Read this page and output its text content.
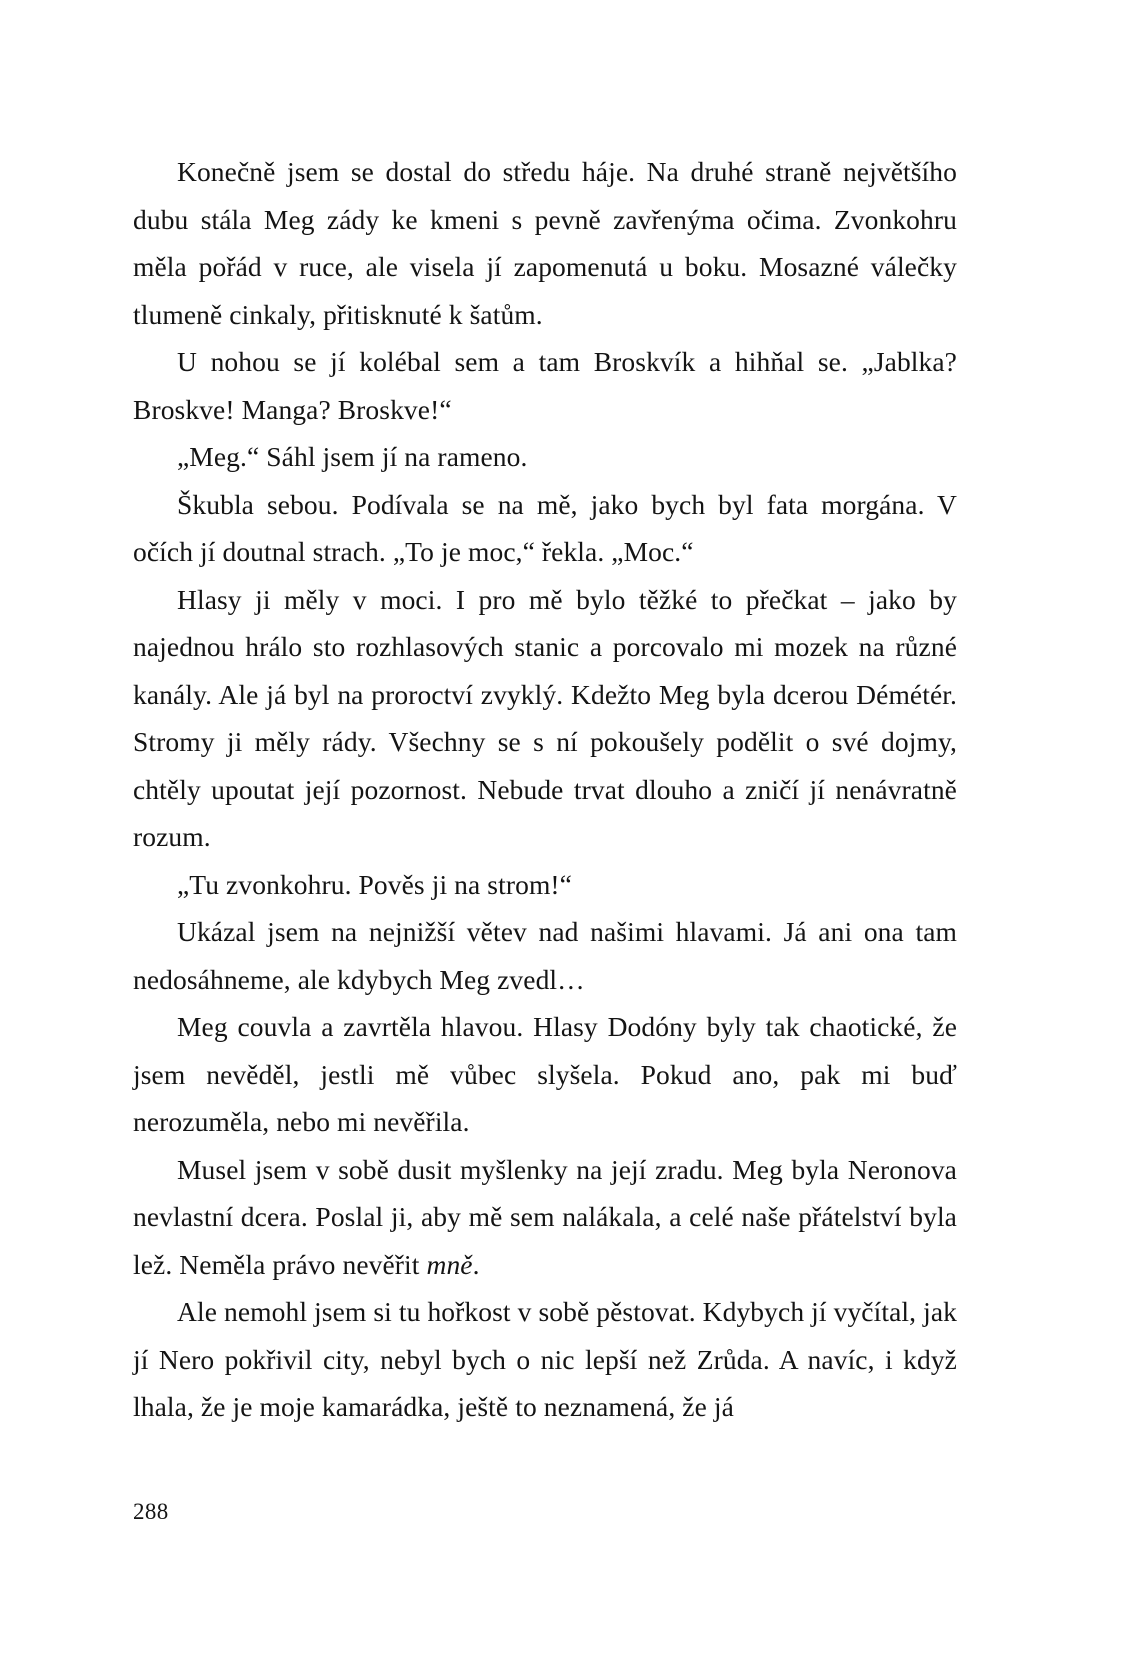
Konečně jsem se dostal do středu háje. Na druhé straně největšího dubu stála Meg zády ke kmeni s pevně zavřenýma očima. Zvonkohru měla pořád v ruce, ale visela jí zapomenutá u boku. Mosazné válečky tlumeně cinkaly, přitisknuté k šatům.

U nohou se jí kolébal sem a tam Broskvík a hihňal se. „Jablka? Broskve! Manga? Broskve!“

„Meg.“ Sáhl jsem jí na rameno.

Škubla sebou. Podívala se na mě, jako bych byl fata morgána. V očích jí doutnal strach. „To je moc,“ řekla. „Moc.“

Hlasy ji měly v moci. I pro mě bylo těžké to přečkat – jako by najednou hrálo sto rozhlasových stanic a porcovalo mi mozek na různé kanály. Ale já byl na proroctví zvyklý. Kdežto Meg byla dcerou Démétér. Stromy ji měly rády. Všechny se s ní pokoušely podělit o své dojmy, chtěly upoutat její pozornost. Nebude trvat dlouho a zničí jí nenávratně rozum.

„Tu zvonkohru. Pověs ji na strom!“

Ukázal jsem na nejnižší větev nad našimi hlavami. Já ani ona tam nedosáhneme, ale kdybych Meg zvedl…

Meg couvla a zavrtěla hlavou. Hlasy Dodóny byly tak chaotické, že jsem nevěděl, jestli mě vůbec slyšela. Pokud ano, pak mi buď nerozuměla, nebo mi nevěřila.

Musel jsem v sobě dusit myšlenky na její zradu. Meg byla Neronova nevlastní dcera. Poslal ji, aby mě sem nalákala, a celé naše přátelství byla lež. Neměla právo nevěřit mně.

Ale nemohl jsem si tu hořkost v sobě pěstovat. Kdybych jí vyčítal, jak jí Nero pokřivil city, nebyl bych o nic lepší než Zrůda. A navíc, i když lhala, že je moje kamarádka, ještě to neznamená, že já

288
